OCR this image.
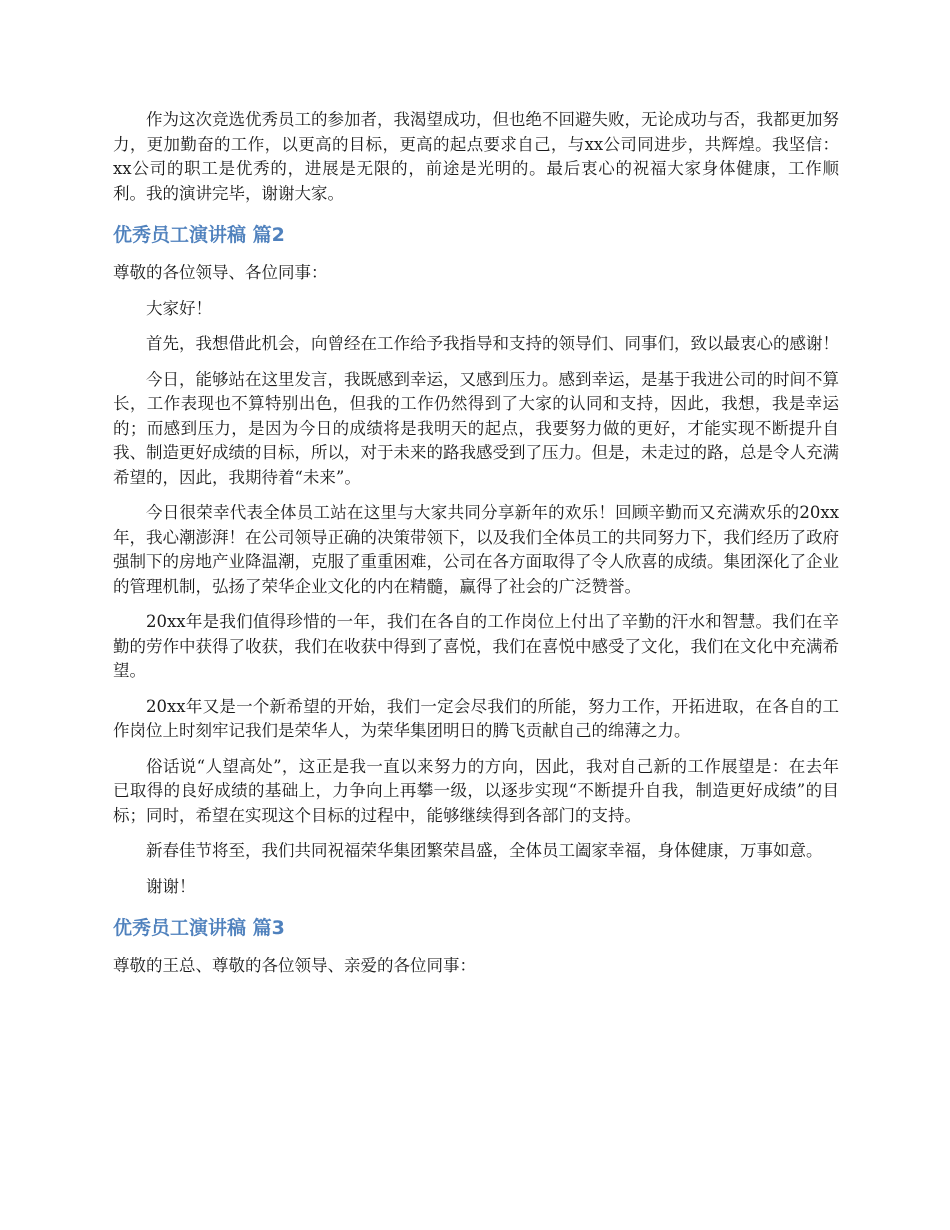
作为这次竞选优秀员工的参加者，我渴望成功，但也绝不回避失败，无论成功与否，我都更加努力，更加勤奋的工作，以更高的目标，更高的起点要求自己，与xx公司同进步，共辉煌。我坚信：xx公司的职工是优秀的，进展是无限的，前途是光明的。最后衷心的祝福大家身体健康，工作顺利。我的演讲完毕，谢谢大家。

优秀员工演讲稿 篇2

尊敬的各位领导、各位同事：

大家好！

首先，我想借此机会，向曾经在工作给予我指导和支持的领导们、同事们，致以最衷心的感谢！

今日，能够站在这里发言，我既感到幸运，又感到压力。感到幸运，是基于我进公司的时间不算长，工作表现也不算特别出色，但我的工作仍然得到了大家的认同和支持，因此，我想，我是幸运的；而感到压力，是因为今日的成绩将是我明天的起点，我要努力做的更好，才能实现不断提升自我、制造更好成绩的目标，所以，对于未来的路我感受到了压力。但是，未走过的路，总是令人充满希望的，因此，我期待着“未来”。

今日很荣幸代表全体员工站在这里与大家共同分享新年的欢乐！回顾辛勤而又充满欢乐的20xx年，我心潮澎湃！在公司领导正确的决策带领下，以及我们全体员工的共同努力下，我们经历了政府强制下的房地产业降温潮，克服了重重困难，公司在各方面取得了令人欣喜的成绩。集团深化了企业的管理机制，弘扬了荣华企业文化的内在精髓，赢得了社会的广泛赞誉。

20xx年是我们值得珍惜的一年，我们在各自的工作岗位上付出了辛勤的汗水和智慧。我们在辛勤的劳作中获得了收获，我们在收获中得到了喜悦，我们在喜悦中感受了文化，我们在文化中充满希望。

20xx年又是一个新希望的开始，我们一定会尽我们的所能，努力工作，开拓进取，在各自的工作岗位上时刻牢记我们是荣华人，为荣华集团明日的腾飞贡献自己的绵薄之力。

俗话说“人望高处”，这正是我一直以来努力的方向，因此，我对自己新的工作展望是：在去年已取得的良好成绩的基础上，力争向上再攀一级，以逐步实现“不断提升自我，制造更好成绩”的目标；同时，希望在实现这个目标的过程中，能够继续得到各部门的支持。

新春佳节将至，我们共同祝福荣华集团繁荣昌盛，全体员工阖家幸福，身体健康，万事如意。

谢谢！

优秀员工演讲稿 篇3

尊敬的王总、尊敬的各位领导、亲爱的各位同事：
